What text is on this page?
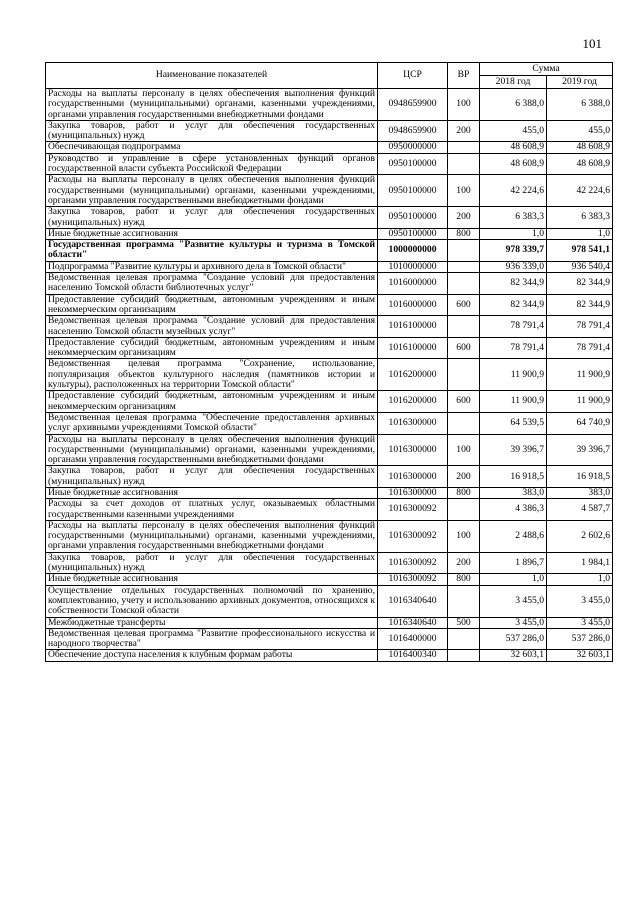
101
Наименование показателей	ЦСР	ВР	Сумма	
			2018 год	2019 год
Расходы на выплаты персоналу в целях обеспечения выполнения функций государственными (муниципальными) органами, казенными учреждениями, органами управления государственными внебюджетными фондами	0948659900	100	6 388,0	6 388,0
Закупка товаров, работ и услуг для обеспечения государственных (муниципальных) нужд	0948659900	200	455,0	455,0
Обеспечивающая подпрограмма	0950000000		48 608,9	48 608,9
Руководство и управление в сфере установленных функций органов государственной власти субъекта Российской Федерации	0950100000		48 608,9	48 608,9
Расходы на выплаты персоналу в целях обеспечения выполнения функций государственными (муниципальными) органами, казенными учреждениями, органами управления государственными внебюджетными фондами	0950100000	100	42 224,6	42 224,6
Закупка товаров, работ и услуг для обеспечения государственных (муниципальных) нужд	0950100000	200	6 383,3	6 383,3
Иные бюджетные ассигнования	0950100000	800	1,0	1,0
Государственная программа "Развитие культуры и туризма в Томской области"	1000000000		978 339,7	978 541,1
Подпрограмма "Развитие культуры и архивного дела в Томской области"	1010000000		936 339,0	936 540,4
Ведомственная целевая программа "Создание условий для предоставления населению Томской области библиотечных услуг"	1016000000		82 344,9	82 344,9
Предоставление субсидий бюджетным, автономным учреждениям и иным некоммерческим организациям	1016000000	600	82 344,9	82 344,9
Ведомственная целевая программа "Создание условий для предоставления населению Томской области музейных услуг"	1016100000		78 791,4	78 791,4
Предоставление субсидий бюджетным, автономным учреждениям и иным некоммерческим организациям	1016100000	600	78 791,4	78 791,4
Ведомственная целевая программа "Сохранение, использование, популяризация объектов культурного наследия (памятников истории и культуры), расположенных на территории Томской области"	1016200000		11 900,9	11 900,9
Предоставление субсидий бюджетным, автономным учреждениям и иным некоммерческим организациям	1016200000	600	11 900,9	11 900,9
Ведомственная целевая программа "Обеспечение предоставления архивных услуг архивными учреждениями Томской области"	1016300000		64 539,5	64 740,9
Расходы на выплаты персоналу в целях обеспечения выполнения функций государственными (муниципальными) органами, казенными учреждениями, органами управления государственными внебюджетными фондами	1016300000	100	39 396,7	39 396,7
Закупка товаров, работ и услуг для обеспечения государственных (муниципальных) нужд	1016300000	200	16 918,5	16 918,5
Иные бюджетные ассигнования	1016300000	800	383,0	383,0
Расходы за счет доходов от платных услуг, оказываемых областными государственными казенными учреждениями	1016300092		4 386,3	4 587,7
Расходы на выплаты персоналу в целях обеспечения выполнения функций государственными (муниципальными) органами, казенными учреждениями, органами управления государственными внебюджетными фондами	1016300092	100	2 488,6	2 602,6
Закупка товаров, работ и услуг для обеспечения государственных (муниципальных) нужд	1016300092	200	1 896,7	1 984,1
Иные бюджетные ассигнования	1016300092	800	1,0	1,0
Осуществление отдельных государственных полномочий по хранению, комплектованию, учету и использованию архивных документов, относящихся к собственности Томской области	1016340640		3 455,0	3 455,0
Межбюджетные трансферты	1016340640	500	3 455,0	3 455,0
Ведомственная целевая программа "Развитие профессионального искусства и народного творчества"	1016400000		537 286,0	537 286,0
Обеспечение доступа населения к клубным формам работы	1016400340		32 603,1	32 603,1
